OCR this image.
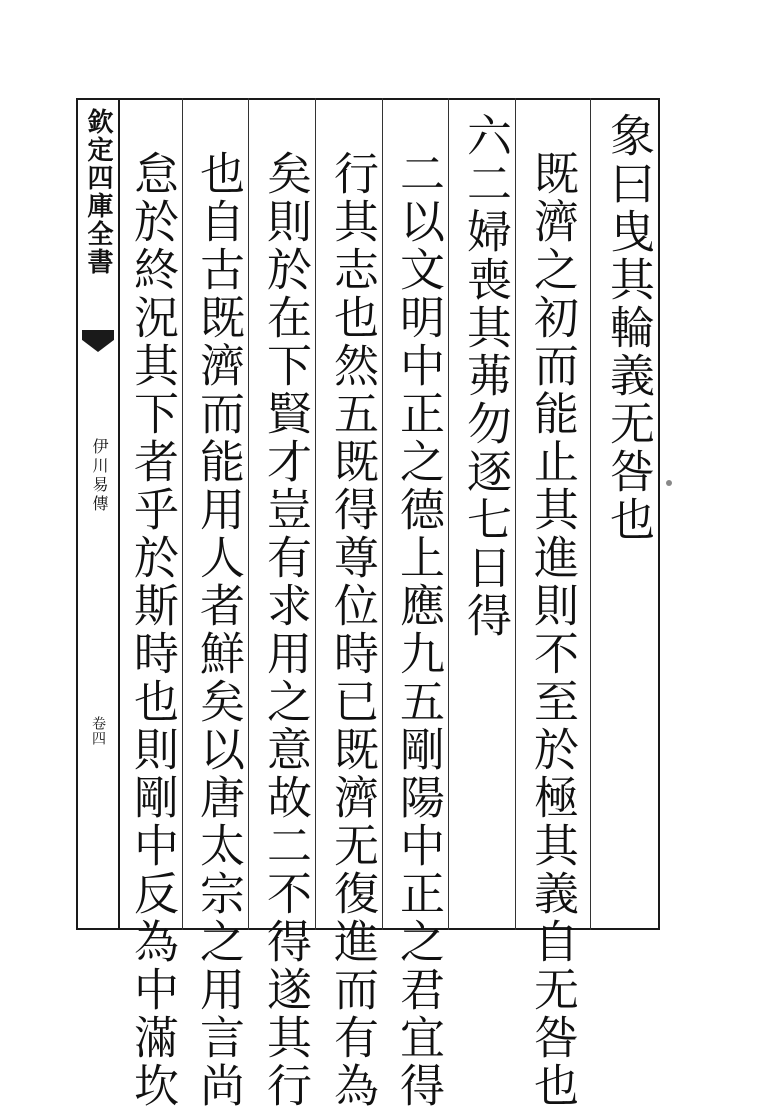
欽定四庫全書
伊川易傳
卷四
象曰曳其輪義无咎也
既濟之初而能止其進則不至於極其義自无咎也
六二婦喪其茀勿逐七日得
二以文明中正之德上應九五剛陽中正之君宜得
行其志也然五既得尊位時已既濟无復進而有為
矣則於在下賢才豈有求用之意故二不得遂其行
也自古既濟而能用人者鮮矣以唐太宗之用言尚
怠於終況其下者乎於斯時也則剛中反為中滿坎
